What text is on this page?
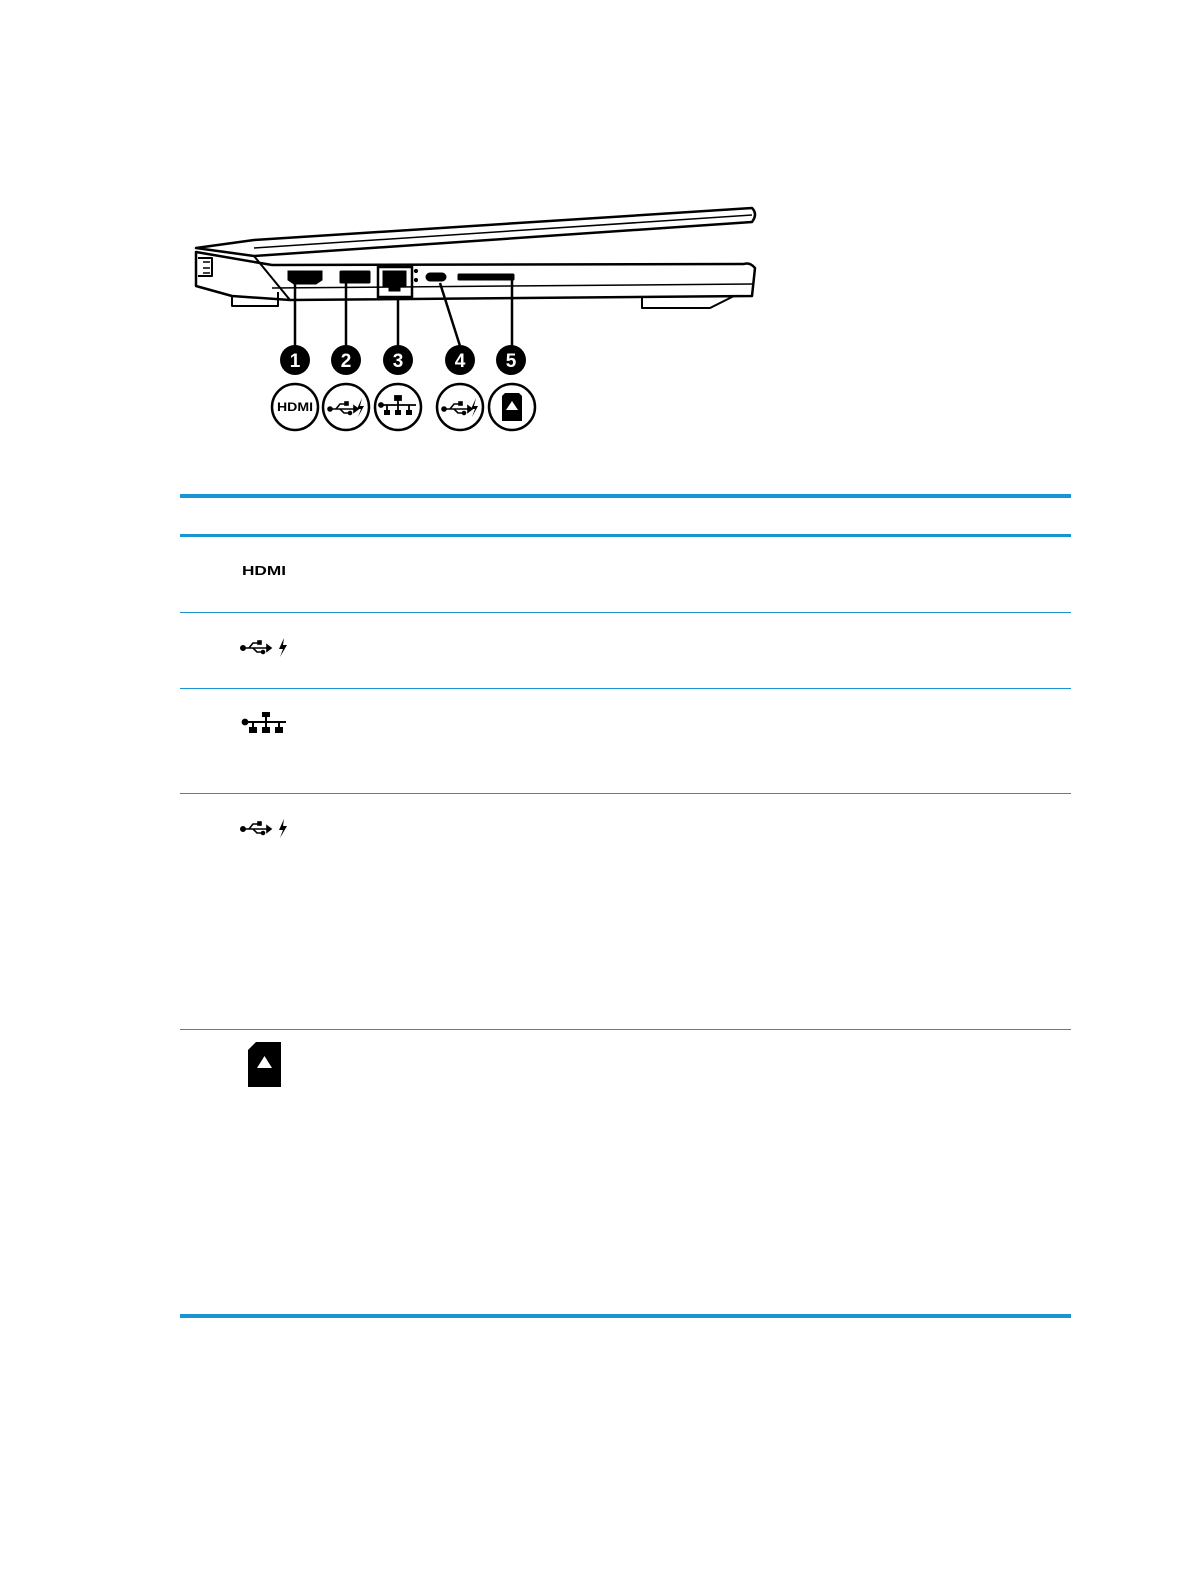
1 2 3	4 5
HDMI
HDMI
